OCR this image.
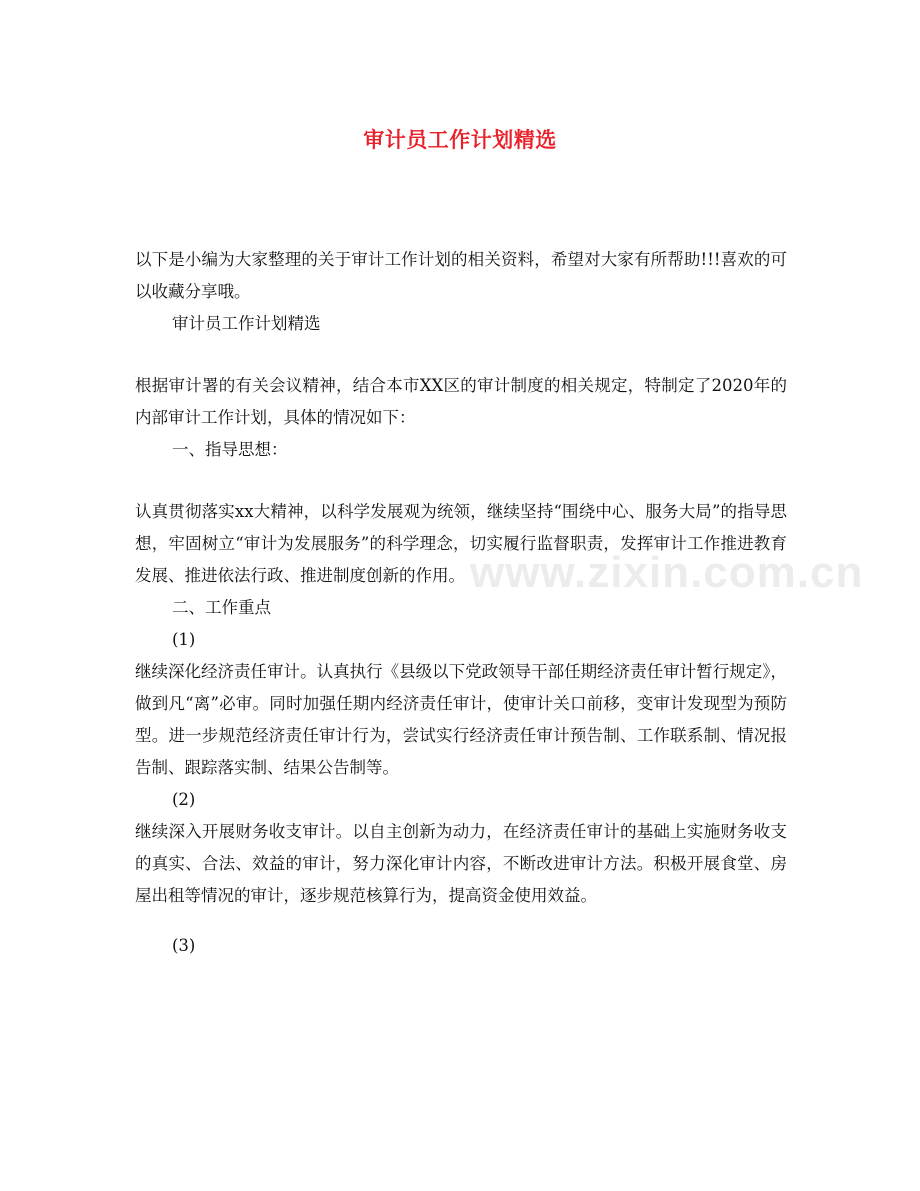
审计员工作计划精选
www.zixin.com.cn

以下是小编为大家整理的关于审计工作计划的相关资料，希望对大家有所帮助!!!喜欢的可以收藏分享哦。

审计员工作计划精选

根据审计署的有关会议精神，结合本市XX区的审计制度的相关规定，特制定了2020年的内部审计工作计划，具体的情况如下：

一、指导思想：

认真贯彻落实xx大精神，以科学发展观为统领，继续坚持“围绕中心、服务大局”的指导思想，牢固树立“审计为发展服务”的科学理念，切实履行监督职责，发挥审计工作推进教育发展、推进依法行政、推进制度创新的作用。

二、工作重点

(1)

继续深化经济责任审计。认真执行《县级以下党政领导干部任期经济责任审计暂行规定》，做到凡“离”必审。同时加强任期内经济责任审计，使审计关口前移，变审计发现型为预防型。进一步规范经济责任审计行为，尝试实行经济责任审计预告制、工作联系制、情况报告制、跟踪落实制、结果公告制等。

(2)

继续深入开展财务收支审计。以自主创新为动力，在经济责任审计的基础上实施财务收支的真实、合法、效益的审计，努力深化审计内容，不断改进审计方法。积极开展食堂、房屋出租等情况的审计，逐步规范核算行为，提高资金使用效益。

(3)
